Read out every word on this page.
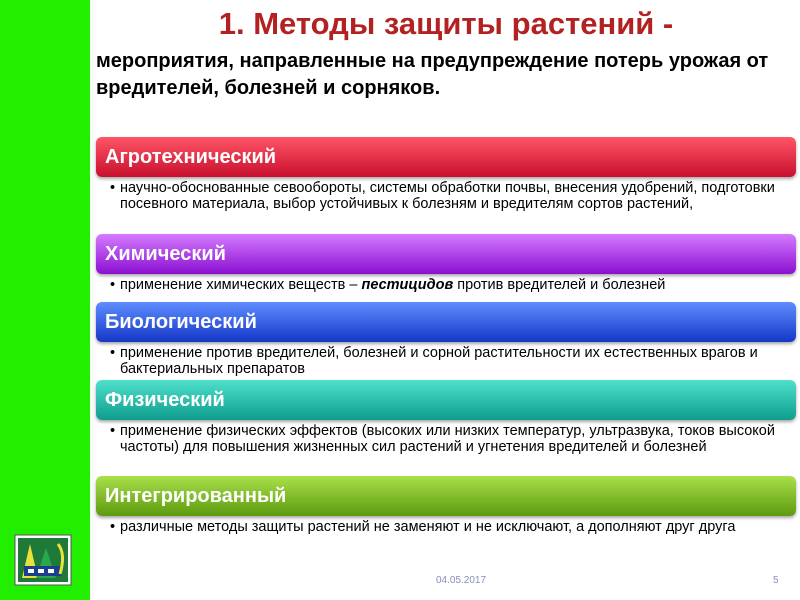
1. Методы защиты растений -
мероприятия, направленные на предупреждение потерь урожая от вредителей, болезней и сорняков.
Агротехнический
• научно-обоснованные севообороты, системы обработки почвы, внесения удобрений, подготовки посевного материала, выбор устойчивых к болезням и вредителям сортов растений,
Химический
• применение химических веществ – пестицидов против вредителей и болезней
Биологический
• применение против вредителей, болезней и сорной растительности их естественных врагов и бактериальных препаратов
Физический
• применение физических эффектов (высоких или низких температур, ультразвука, токов высокой частоты) для повышения жизненных сил растений и угнетения вредителей и болезней
Интегрированный
• различные методы защиты растений не заменяют и не исключают, а дополняют друг друга
04.05.2017	5
